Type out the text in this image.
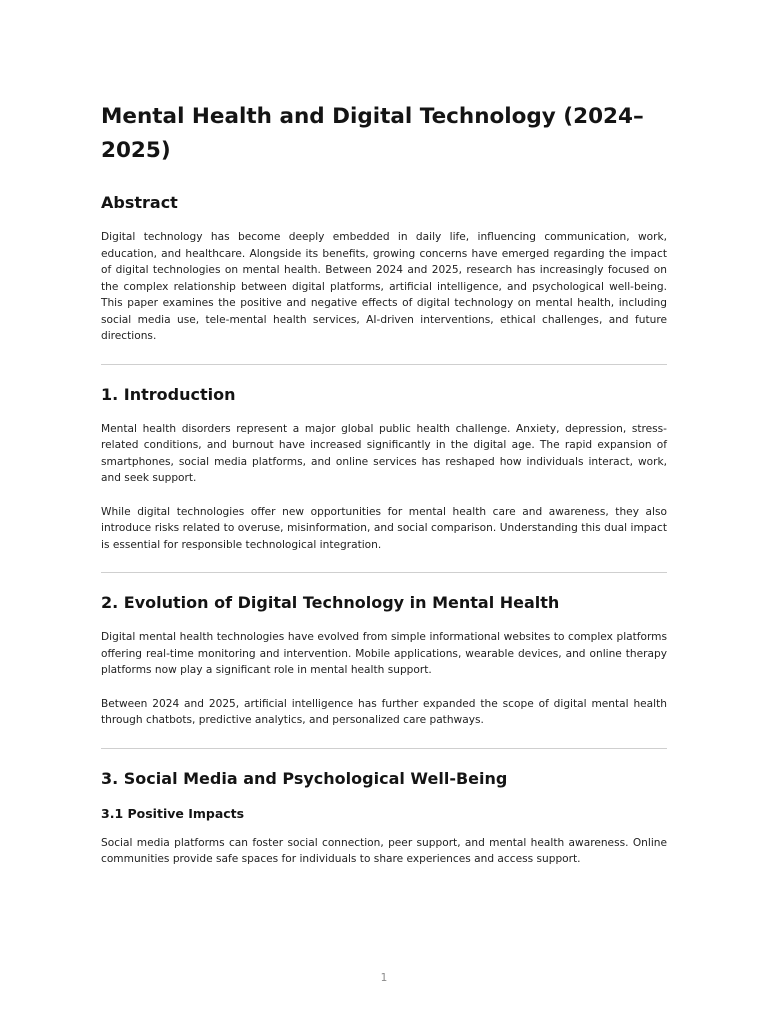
Mental Health and Digital Technology (2024–2025)
Abstract

Digital technology has become deeply embedded in daily life, influencing communication, work, education, and healthcare. Alongside its benefits, growing concerns have emerged regarding the impact of digital technologies on mental health. Between 2024 and 2025, research has increasingly focused on the complex relationship between digital platforms, artificial intelligence, and psychological well-being. This paper examines the positive and negative effects of digital technology on mental health, including social media use, tele-mental health services, AI-driven interventions, ethical challenges, and future directions.

1. Introduction

Mental health disorders represent a major global public health challenge. Anxiety, depression, stress-related conditions, and burnout have increased significantly in the digital age. The rapid expansion of smartphones, social media platforms, and online services has reshaped how individuals interact, work, and seek support.

While digital technologies offer new opportunities for mental health care and awareness, they also introduce risks related to overuse, misinformation, and social comparison. Understanding this dual impact is essential for responsible technological integration.

2. Evolution of Digital Technology in Mental Health

Digital mental health technologies have evolved from simple informational websites to complex platforms offering real-time monitoring and intervention. Mobile applications, wearable devices, and online therapy platforms now play a significant role in mental health support.

Between 2024 and 2025, artificial intelligence has further expanded the scope of digital mental health through chatbots, predictive analytics, and personalized care pathways.

3. Social Media and Psychological Well-Being
3.1 Positive Impacts

Social media platforms can foster social connection, peer support, and mental health awareness. Online communities provide safe spaces for individuals to share experiences and access support.

1
